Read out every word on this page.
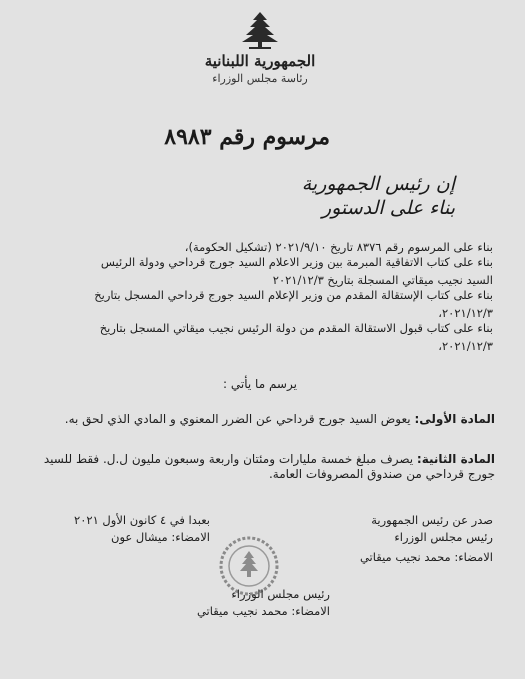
الجمهورية اللبنانية
رئاسة مجلس الوزراء
مرسوم رقم ٨٩٨٣
إن رئيس الجمهورية
بناء على الدستور
بناء على المرسوم رقم ٨٣٧٦ تاريخ ٢٠٢١/٩/١٠ (تشكيل الحكومة)،
بناء على كتاب الاتفاقية المبرمة بين وزير الاعلام السيد جورج قرداحي ودولة الرئيس
السيد نجيب ميقاتي المسجلة بتاريخ ٢٠٢١/١٢/٣
بناء على كتاب الإستقالة المقدم من وزير الإعلام السيد جورج قرداحي المسجل بتاريخ
٢٠٢١/١٢/٣،
بناء على كتاب قبول الاستقالة المقدم من دولة الرئيس نجيب ميقاتي المسجل بتاريخ
٢٠٢١/١٢/٣،
يرسم ما يأتي :
المادة الأولى: يعوض السيد جورج قرداحي عن الضرر المعنوي و المادي الذي لحق به.
المادة الثانية: يصرف مبلغ خمسة مليارات ومئتان واربعة وسبعون مليون ل.ل. فقط للسيد جورج قرداحي من صندوق المصروفات العامة.
صدر عن رئيس الجمهورية
رئيس مجلس الوزراء
الامضاء: محمد نجيب ميقاتي
بعبدا في ٤ كانون الأول ٢٠٢١
الامضاء: ميشال عون
رئيس مجلس الوزراء
الامضاء: محمد نجيب ميقاتي
